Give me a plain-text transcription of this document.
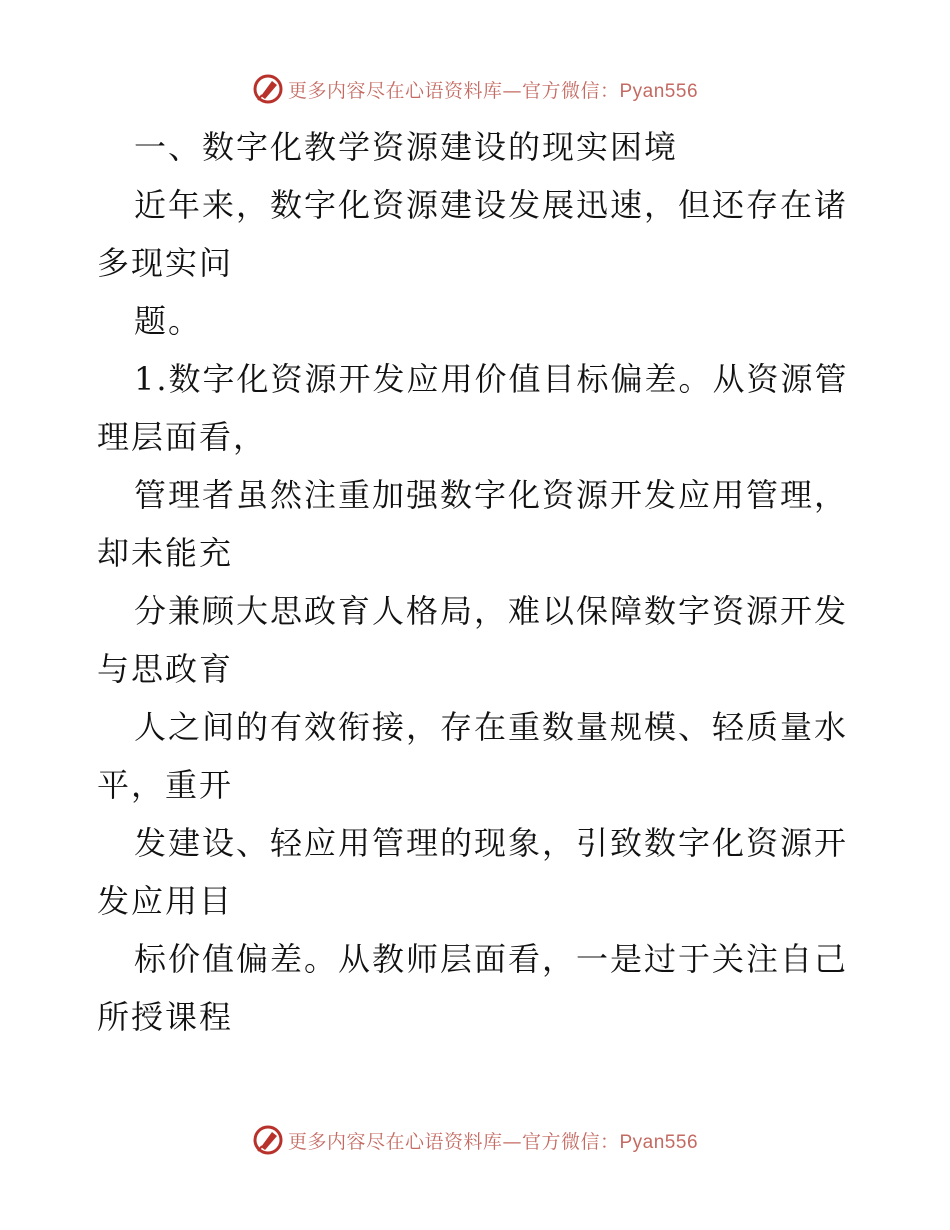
更多内容尽在心语资料库—官方微信：Pyan556
一、数字化教学资源建设的现实困境
近年来，数字化资源建设发展迅速，但还存在诸
多现实问
题。
1.数字化资源开发应用价值目标偏差。从资源管
理层面看，
管理者虽然注重加强数字化资源开发应用管理，
却未能充
分兼顾大思政育人格局，难以保障数字资源开发
与思政育
人之间的有效衔接，存在重数量规模、轻质量水
平，重开
发建设、轻应用管理的现象，引致数字化资源开
发应用目
标价值偏差。从教师层面看，一是过于关注自己
所授课程
更多内容尽在心语资料库—官方微信：Pyan556
